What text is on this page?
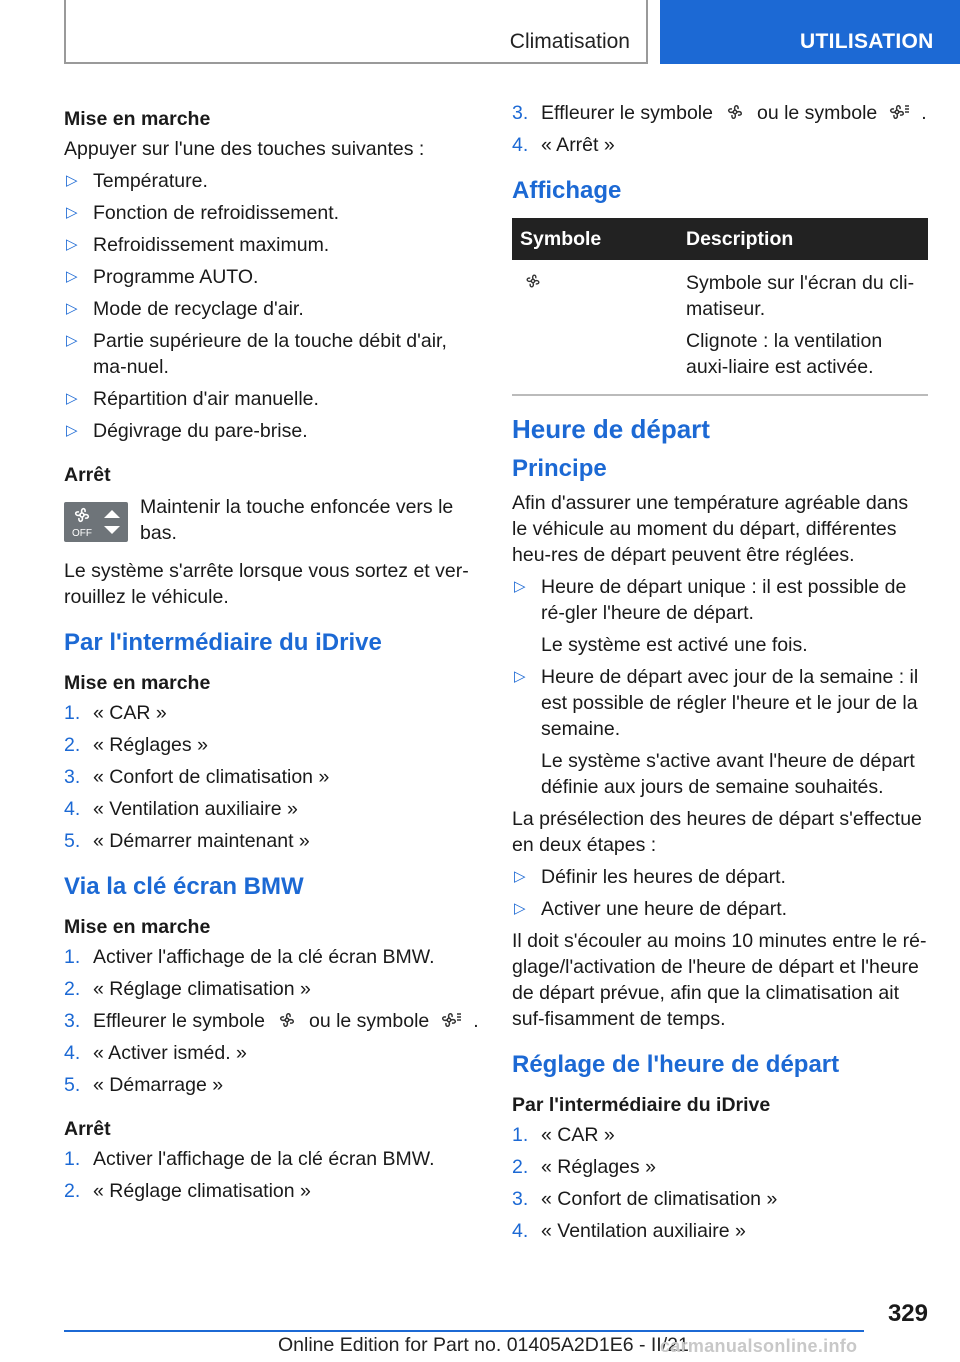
Climatisation	UTILISATION
Mise en marche
Appuyer sur l'une des touches suivantes :
▷ Température.
▷ Fonction de refroidissement.
▷ Refroidissement maximum.
▷ Programme AUTO.
▷ Mode de recyclage d'air.
▷ Partie supérieure de la touche débit d'air, ma-nuel.
▷ Répartition d'air manuelle.
▷ Dégivrage du pare-brise.
Arrêt
OFF
Maintenir la touche enfoncée vers le bas.
Le système s'arrête lorsque vous sortez et ver-rouillez le véhicule.
Par l'intermédiaire du iDrive
Mise en marche
1. « CAR »
2. « Réglages »
3. « Confort de climatisation »
4. « Ventilation auxiliaire »
5. « Démarrer maintenant »
Via la clé écran BMW
Mise en marche
1. Activer l'affichage de la clé écran BMW.
2. « Réglage climatisation »
3. Effleurer le symbole ou le symbole .
4. « Activer isméd. »
5. « Démarrage »
Arrêt
1. Activer l'affichage de la clé écran BMW.
2. « Réglage climatisation »
3. Effleurer le symbole ou le symbole .
4. « Arrêt »
Affichage
Symbole	Description

Symbole sur l'écran du cli-matiseur.
Clignote : la ventilation auxi-liaire est activée.
Heure de départ
Principe
Afin d'assurer une température agréable dans le véhicule au moment du départ, différentes heu-res de départ peuvent être réglées.
▷ Heure de départ unique : il est possible de ré-gler l'heure de départ.
Le système est activé une fois.
▷ Heure de départ avec jour de la semaine : il est possible de régler l'heure et le jour de la semaine.
Le système s'active avant l'heure de départ définie aux jours de semaine souhaités.
La présélection des heures de départ s'effectue en deux étapes :
▷ Définir les heures de départ.
▷ Activer une heure de départ.
Il doit s'écouler au moins 10 minutes entre le ré-glage/l'activation de l'heure de départ et l'heure de départ prévue, afin que la climatisation ait suf-fisamment de temps.
Réglage de l'heure de départ
Par l'intermédiaire du iDrive
1. « CAR »
2. « Réglages »
3. « Confort de climatisation »
4. « Ventilation auxiliaire »
329
Online Edition for Part no. 01405A2D1E6 - II/21
carmanualsonline.info
